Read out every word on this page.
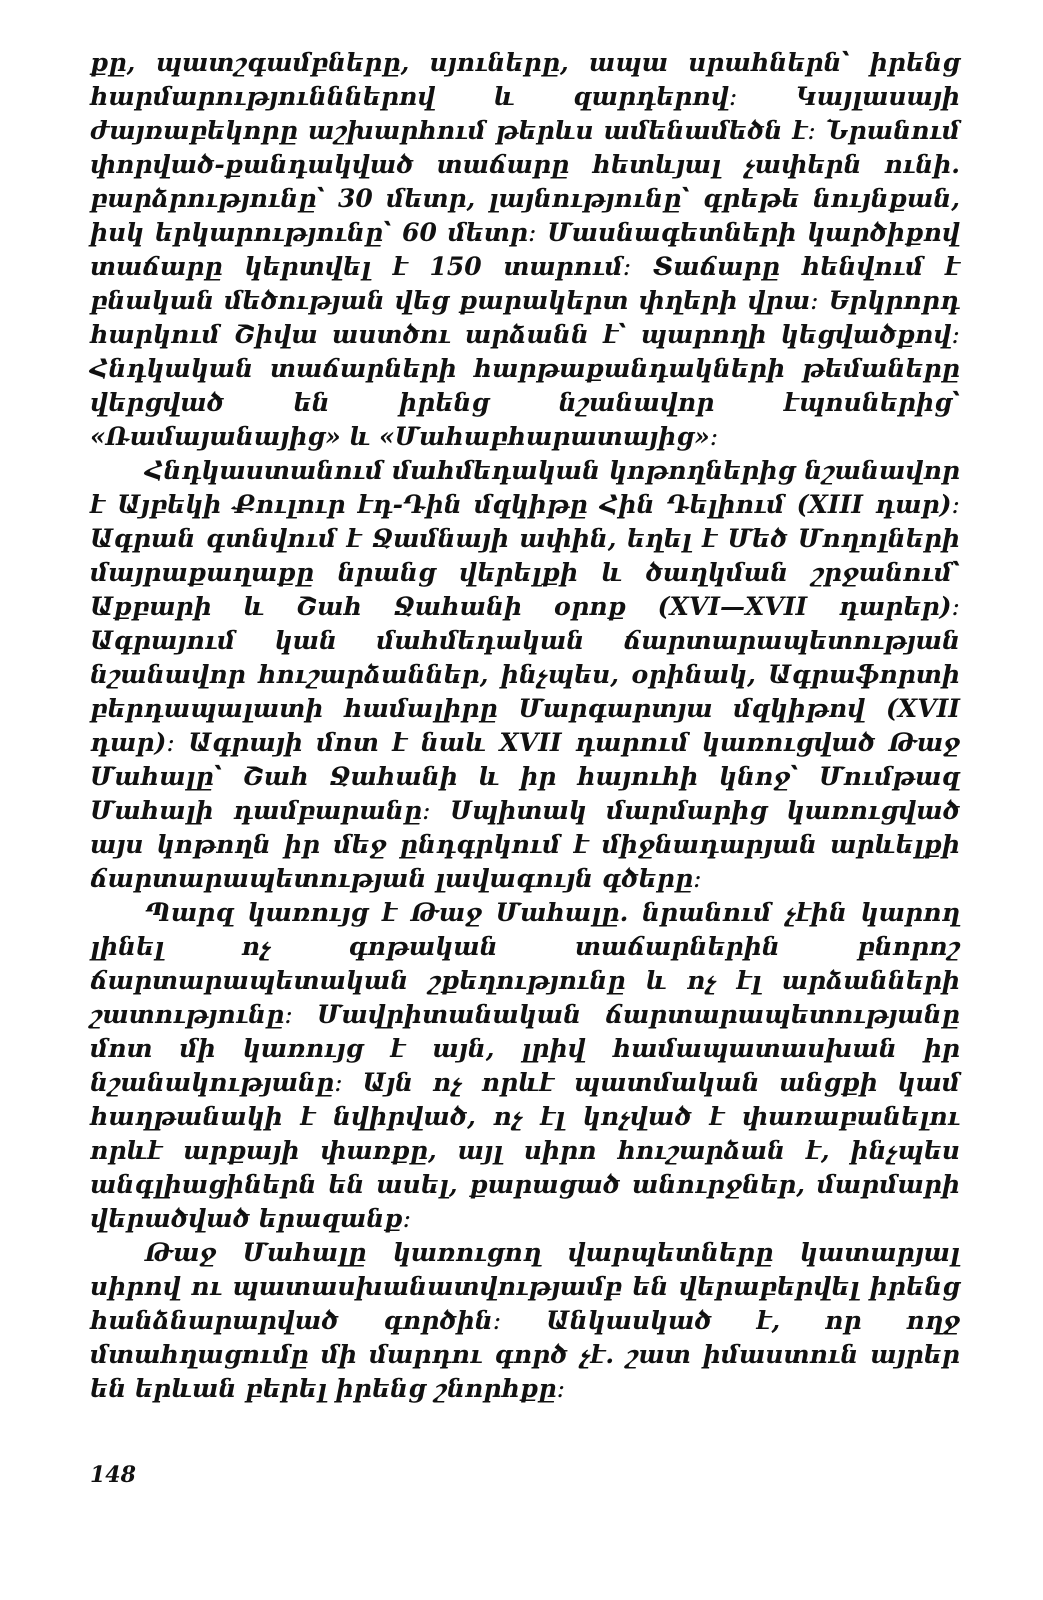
քը, պատշգամբները, սյուները, ապա սրահներն՝ իրենց հարմարությունններով և զարդերով։ Կայլասայի ժայռաբեկորը աշխարհում թերևս ամենամեծն է։ Նրանում փորված-քանդակված տաճարը հետևյալ չափերն ունի. բարձրությունը՝ 30 մետր, լայնությունը՝ գրեթե նույնքան, իսկ երկարությունը՝ 60 մետր։ Մասնագետների կարծիքով տաճարը կերտվել է 150 տարում։ Տաճարը հենվում է բնական մեծության վեց քարակերտ փղերի վրա։ Երկրորդ հարկում Շիվա աստծու արձանն է՝ պարողի կեցվածքով։ Հնդկական տաճարների հարթաքանդակների թեմաները վերցված են իրենց նշանավոր էպոսներից՝ «Ռամայանայից» և «Մահաբհարատայից»։

Հնդկաստանում մահմեդական կոթողներից նշանավոր է Այբեկի Քուլուր էդ-Դին մզկիթը Հին Դելիում (XIII դար)։ Ագրան գտնվում է Ջամնայի ափին, եղել է Մեծ Մողոլների մայրաքաղաքը նրանց վերելքի և ծաղկման շրջանում՝ Աքբարի և Շահ Ջահանի օրոք (XVI—XVII դարեր)։ Ագրայում կան մահմեդական ճարտարապետության նշանավոր հուշարձաններ, ինչպես, օրինակ, Ագրաֆորտի բերդապալատի համալիրը Մարգարտյա մզկիթով (XVII դար)։ Ագրայի մոտ է նաև XVII դարում կառուցված Թաջ Մահալը՝ Շահ Ջահանի և իր հայուհի կնոջ՝ Մումթազ Մահալի դամբարանը։ Սպիտակ մարմարից կառուցված այս կոթողն իր մեջ ընդգրկում է միջնադարյան արևելքի ճարտարապետության լավագույն գծերը։

Պարզ կառույց է Թաջ Մահալը. նրանում չէին կարող լինել ոչ գոթական տաճարներին բնորոշ ճարտարապետական շքեղությունը և ոչ էլ արձանների շատությունը։ Մավրիտանական ճարտարապետությանը մոտ մի կառույց է այն, լրիվ համապատասխան իր նշանակությանը։ Այն ոչ որևէ պատմական անցքի կամ հաղթանակի է նվիրված, ոչ էլ կոչված է փառաբանելու որևէ արքայի փառքը, այլ սիրո հուշարձան է, ինչպես անգլիացիներն են ասել, քարացած անուրջներ, մարմարի վերածված երազանք։

Թաջ Մահալը կառուցող վարպետները կատարյալ սիրով ու պատասխանատվությամբ են վերաբերվել իրենց հանձնարարված գործին։ Անկասկած է, որ ողջ մտահղացումը մի մարդու գործ չէ. շատ իմաստուն այրեր են երևան բերել իրենց շնորհքը։

148
